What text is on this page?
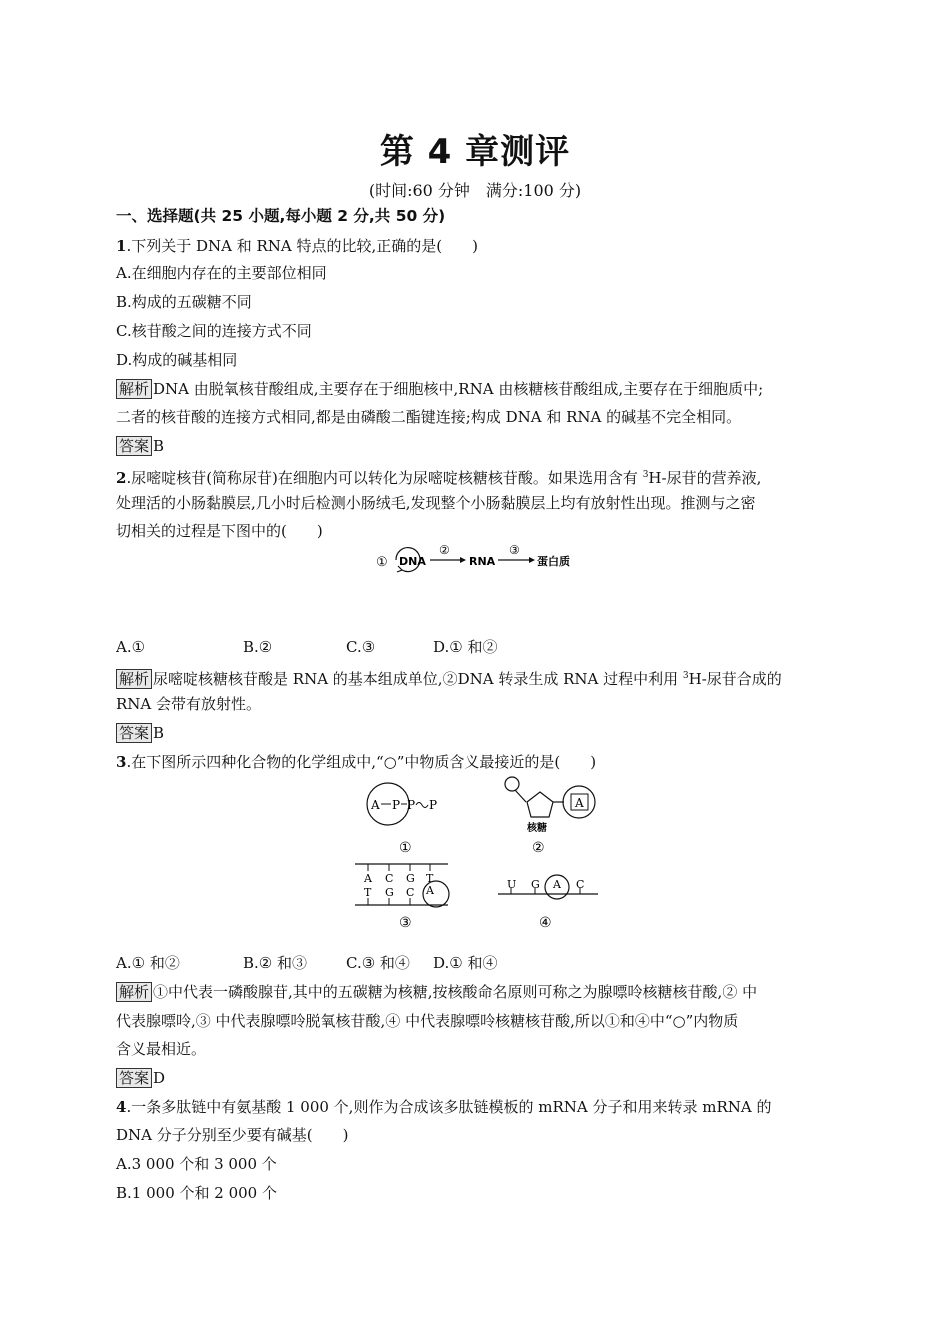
第 4 章测评
(时间:60 分钟　满分:100 分)
一、选择题(共 25 小题,每小题 2 分,共 50 分)
1.下列关于 DNA 和 RNA 特点的比较,正确的是(　　)
A.在细胞内存在的主要部位相同
B.构成的五碳糖不同
C.核苷酸之间的连接方式不同
D.构成的碱基相同
解析 DNA 由脱氧核苷酸组成,主要存在于细胞核中,RNA 由核糖核苷酸组成,主要存在于细胞质中;
二者的核苷酸的连接方式相同,都是由磷酸二酯键连接;构成 DNA 和 RNA 的碱基不完全相同。
答案 B
2.尿嘧啶核苷(简称尿苷)在细胞内可以转化为尿嘧啶核糖核苷酸。如果选用含有 $^3$H-尿苷的营养液,
处理活的小肠黏膜层,几小时后检测小肠绒毛,发现整个小肠黏膜层上均有放射性出现。推测与之密
切相关的过程是下图中的(　　)
① DNA
②
RNA
③
蛋白质
A.①	B.②	C.③	D.① 和②
解析 尿嘧啶核糖核苷酸是 RNA 的基本组成单位,②DNA 转录生成 RNA 过程中利用 $^3$H-尿苷合成的
RNA 会带有放射性。
答案 B
3.在下图所示四种化合物的化学组成中,“○”中物质含义最接近的是(　　)
A P P P
①
A
核糖
②
A C G T
T G C A
③
U G A C
④
A.① 和②	B.② 和③	C.③ 和④ D.① 和④
解析 ①中代表一磷酸腺苷,其中的五碳糖为核糖,按核酸命名原则可称之为腺嘌呤核糖核苷酸,② 中
代表腺嘌呤,③ 中代表腺嘌呤脱氧核苷酸,④ 中代表腺嘌呤核糖核苷酸,所以①和④中“○”内物质
含义最相近。
答案 D
4.一条多肽链中有氨基酸 1 000 个,则作为合成该多肽链模板的 mRNA 分子和用来转录 mRNA 的
DNA 分子分别至少要有碱基(　　)
A.3 000 个和 3 000 个
B.1 000 个和 2 000 个
